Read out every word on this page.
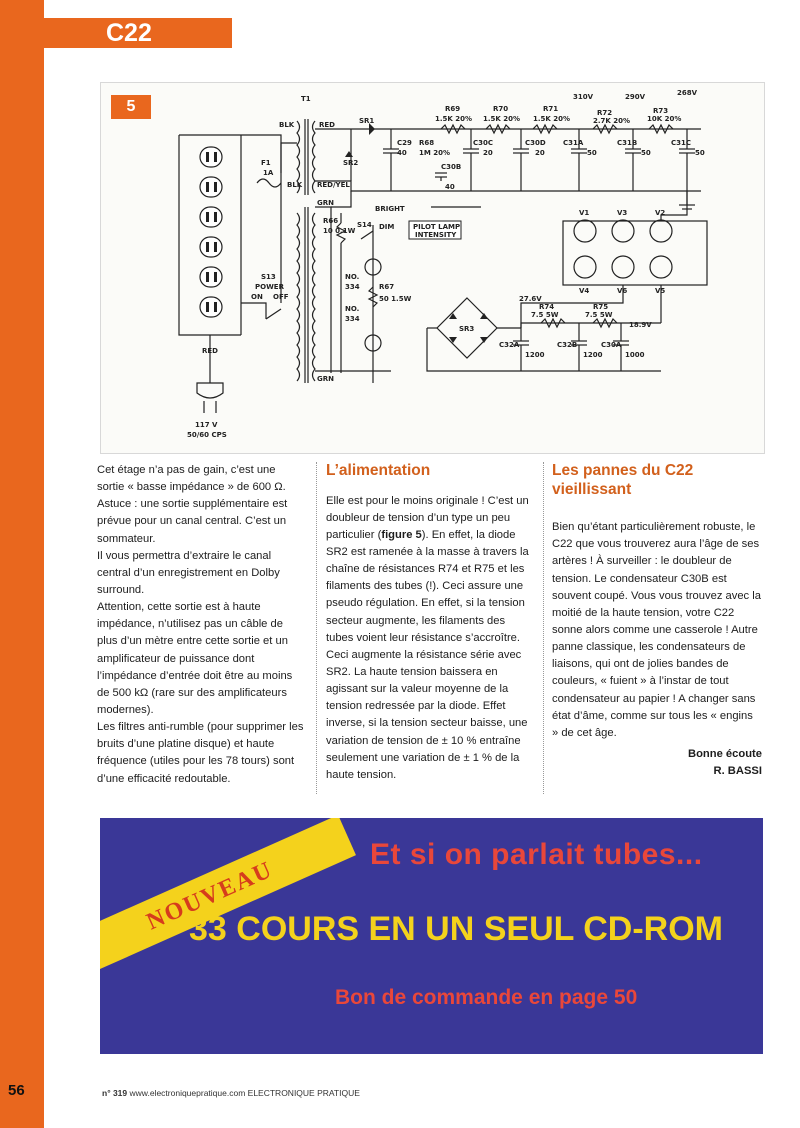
C22
5	T1
BLK
BLK
RED
RED/YEL
GRN
GRN
RED
SR1
SR2
SR3
F1
1A
S13
POWER
ON OFF
117 V
50/60 CPS
R69
1.5K 20%
R70
1.5K 20%
R71
1.5K 20%
R72
2.7K 20%
R73
10K 20%
310V	290V	268V
C29
40
R68
1M 20%
C30B
40
C30C
20
C30D
20
C31A
50
C31B
50
C31C
50
BRIGHT
DIM
S14	PILOT LAMP
INTENSITY
R66
10 0.1W
R67
50 1.5W
NO.
334
NO.
334
27.6V
18.9V
R74
7.5 5W
R75
7.5 5W
C32A
1200
C32B
1200
C30A
1000
V1	V3	V2
V4	V6	V5

Cet étage n’a pas de gain, c’est une sortie « basse impédance » de 600 Ω.

Astuce : une sortie supplémentaire est prévue pour un canal central. C’est un sommateur.

Il vous permettra d’extraire le canal central d’un enregistrement en Dolby surround.

Attention, cette sortie est à haute impédance, n’utilisez pas un câble de plus d’un mètre entre cette sortie et un amplificateur de puissance dont l’impédance d’entrée doit être au moins de 500 kΩ (rare sur des amplificateurs modernes).

Les filtres anti-rumble (pour supprimer les bruits d’une platine disque) et haute fréquence (utiles pour les 78 tours) sont d’une efficacité redoutable.

L’alimentation

Elle est pour le moins originale ! C’est un doubleur de tension d’un type un peu particulier (figure 5). En effet, la diode SR2 est ramenée à la masse à travers la chaîne de résistances R74 et R75 et les filaments des tubes (!). Ceci assure une pseudo régulation. En effet, si la tension secteur augmente, les filaments des tubes voient leur résistance s’accroître. Ceci augmente la résistance série avec SR2. La haute tension baissera en agissant sur la valeur moyenne de la tension redressée par la diode. Effet inverse, si la tension secteur baisse, une variation de tension de ± 10 % entraîne seulement une variation de ± 1 % de la haute tension.

Les pannes du C22 vieillissant

Bien qu’étant particulièrement robuste, le C22 que vous trouverez aura l’âge de ses artères ! À surveiller : le doubleur de tension. Le condensateur C30B est souvent coupé. Vous vous trouvez avec la moitié de la haute tension, votre C22 sonne alors comme une casserole ! Autre panne classique, les condensateurs de liaisons, qui ont de jolies bandes de couleurs, « fuient » à l’instar de tout condensateur au papier ! A changer sans état d’âme, comme sur tous les « engins » de cet âge.

Bonne écoute
R. BASSI
NOUVEAU
Et si on parlait tubes...
33 COURS EN UN SEUL CD-ROM
Bon de commande en page 50
56	n° 319 www.electroniquepratique.com ELECTRONIQUE PRATIQUE
